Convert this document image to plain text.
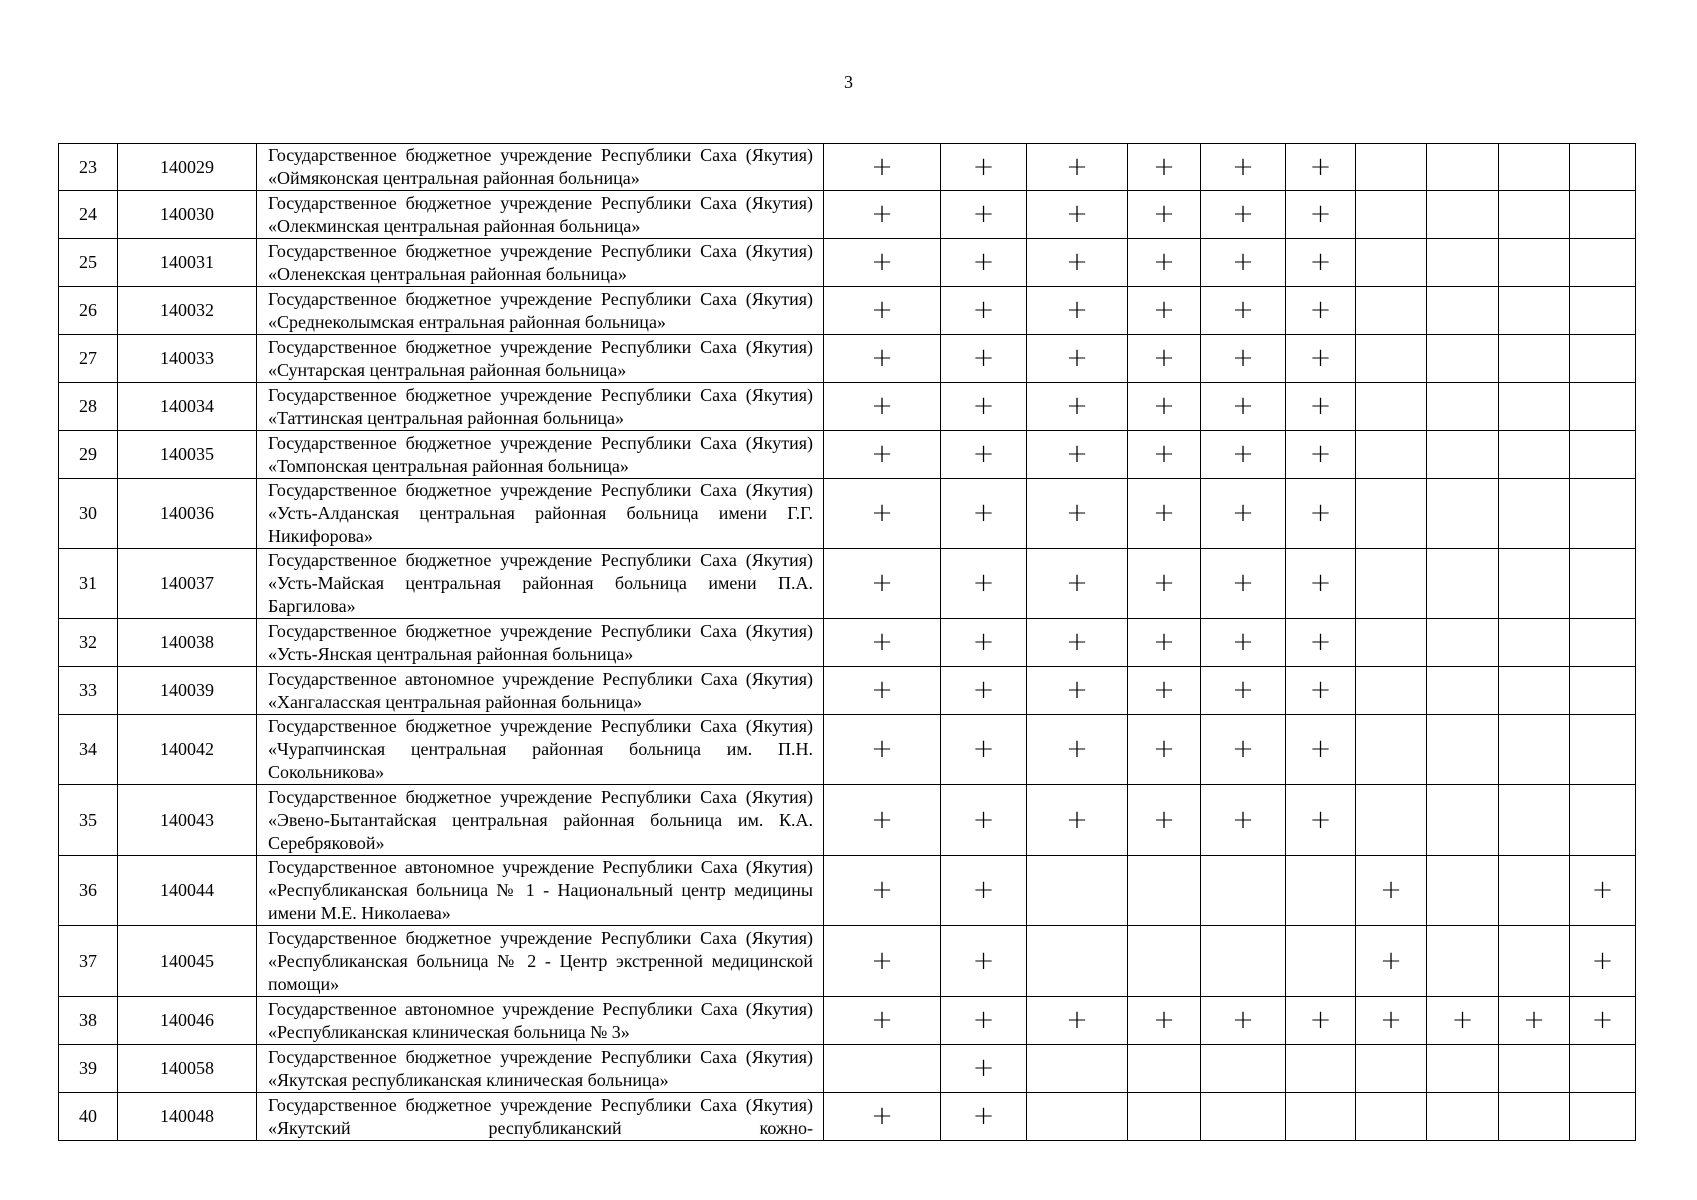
3
23	140029	Государственное бюджетное учреждение Республики Саха (Якутия) «Оймяконская центральная районная больница»	+	+	+	+	+	+				
24	140030	Государственное бюджетное учреждение Республики Саха (Якутия) «Олекминская центральная районная больница»	+	+	+	+	+	+				
25	140031	Государственное бюджетное учреждение Республики Саха (Якутия) «Оленекская центральная районная больница»	+	+	+	+	+	+				
26	140032	Государственное бюджетное учреждение Республики Саха (Якутия) «Среднеколымская ентральная районная больница»	+	+	+	+	+	+				
27	140033	Государственное бюджетное учреждение Республики Саха (Якутия) «Сунтарская центральная районная больница»	+	+	+	+	+	+				
28	140034	Государственное бюджетное учреждение Республики Саха (Якутия) «Таттинская центральная районная больница»	+	+	+	+	+	+				
29	140035	Государственное бюджетное учреждение Республики Саха (Якутия) «Томпонская центральная районная больница»	+	+	+	+	+	+				
30	140036	Государственное бюджетное учреждение Республики Саха (Якутия) «Усть-Алданская центральная районная больница имени Г.Г. Никифорова»	+	+	+	+	+	+				
31	140037	Государственное бюджетное учреждение Республики Саха (Якутия) «Усть-Майская центральная районная больница имени П.А. Баргилова»	+	+	+	+	+	+				
32	140038	Государственное бюджетное учреждение Республики Саха (Якутия) «Усть-Янская центральная районная больница»	+	+	+	+	+	+				
33	140039	Государственное автономное учреждение Республики Саха (Якутия) «Хангаласская центральная районная больница»	+	+	+	+	+	+				
34	140042	Государственное бюджетное учреждение Республики Саха (Якутия) «Чурапчинская центральная районная больница им. П.Н. Сокольникова»	+	+	+	+	+	+				
35	140043	Государственное бюджетное учреждение Республики Саха (Якутия) «Эвено-Бытантайская центральная районная больница им. К.А. Серебряковой»	+	+	+	+	+	+				
36	140044	Государственное автономное учреждение Республики Саха (Якутия) «Республиканская больница № 1 - Национальный центр медицины имени М.Е. Николаева»	+	+					+			+
37	140045	Государственное бюджетное учреждение Республики Саха (Якутия) «Республиканская больница № 2 - Центр экстренной медицинской помощи»	+	+					+			+
38	140046	Государственное автономное учреждение Республики Саха (Якутия) «Республиканская клиническая больница № 3»	+	+	+	+	+	+	+	+	+	+
39	140058	Государственное бюджетное учреждение Республики Саха (Якутия) «Якутская республиканская клиническая больница»		+								
40	140048	Государственное бюджетное учреждение Республики Саха (Якутия) «Якутский республиканский кожно-	+	+								
